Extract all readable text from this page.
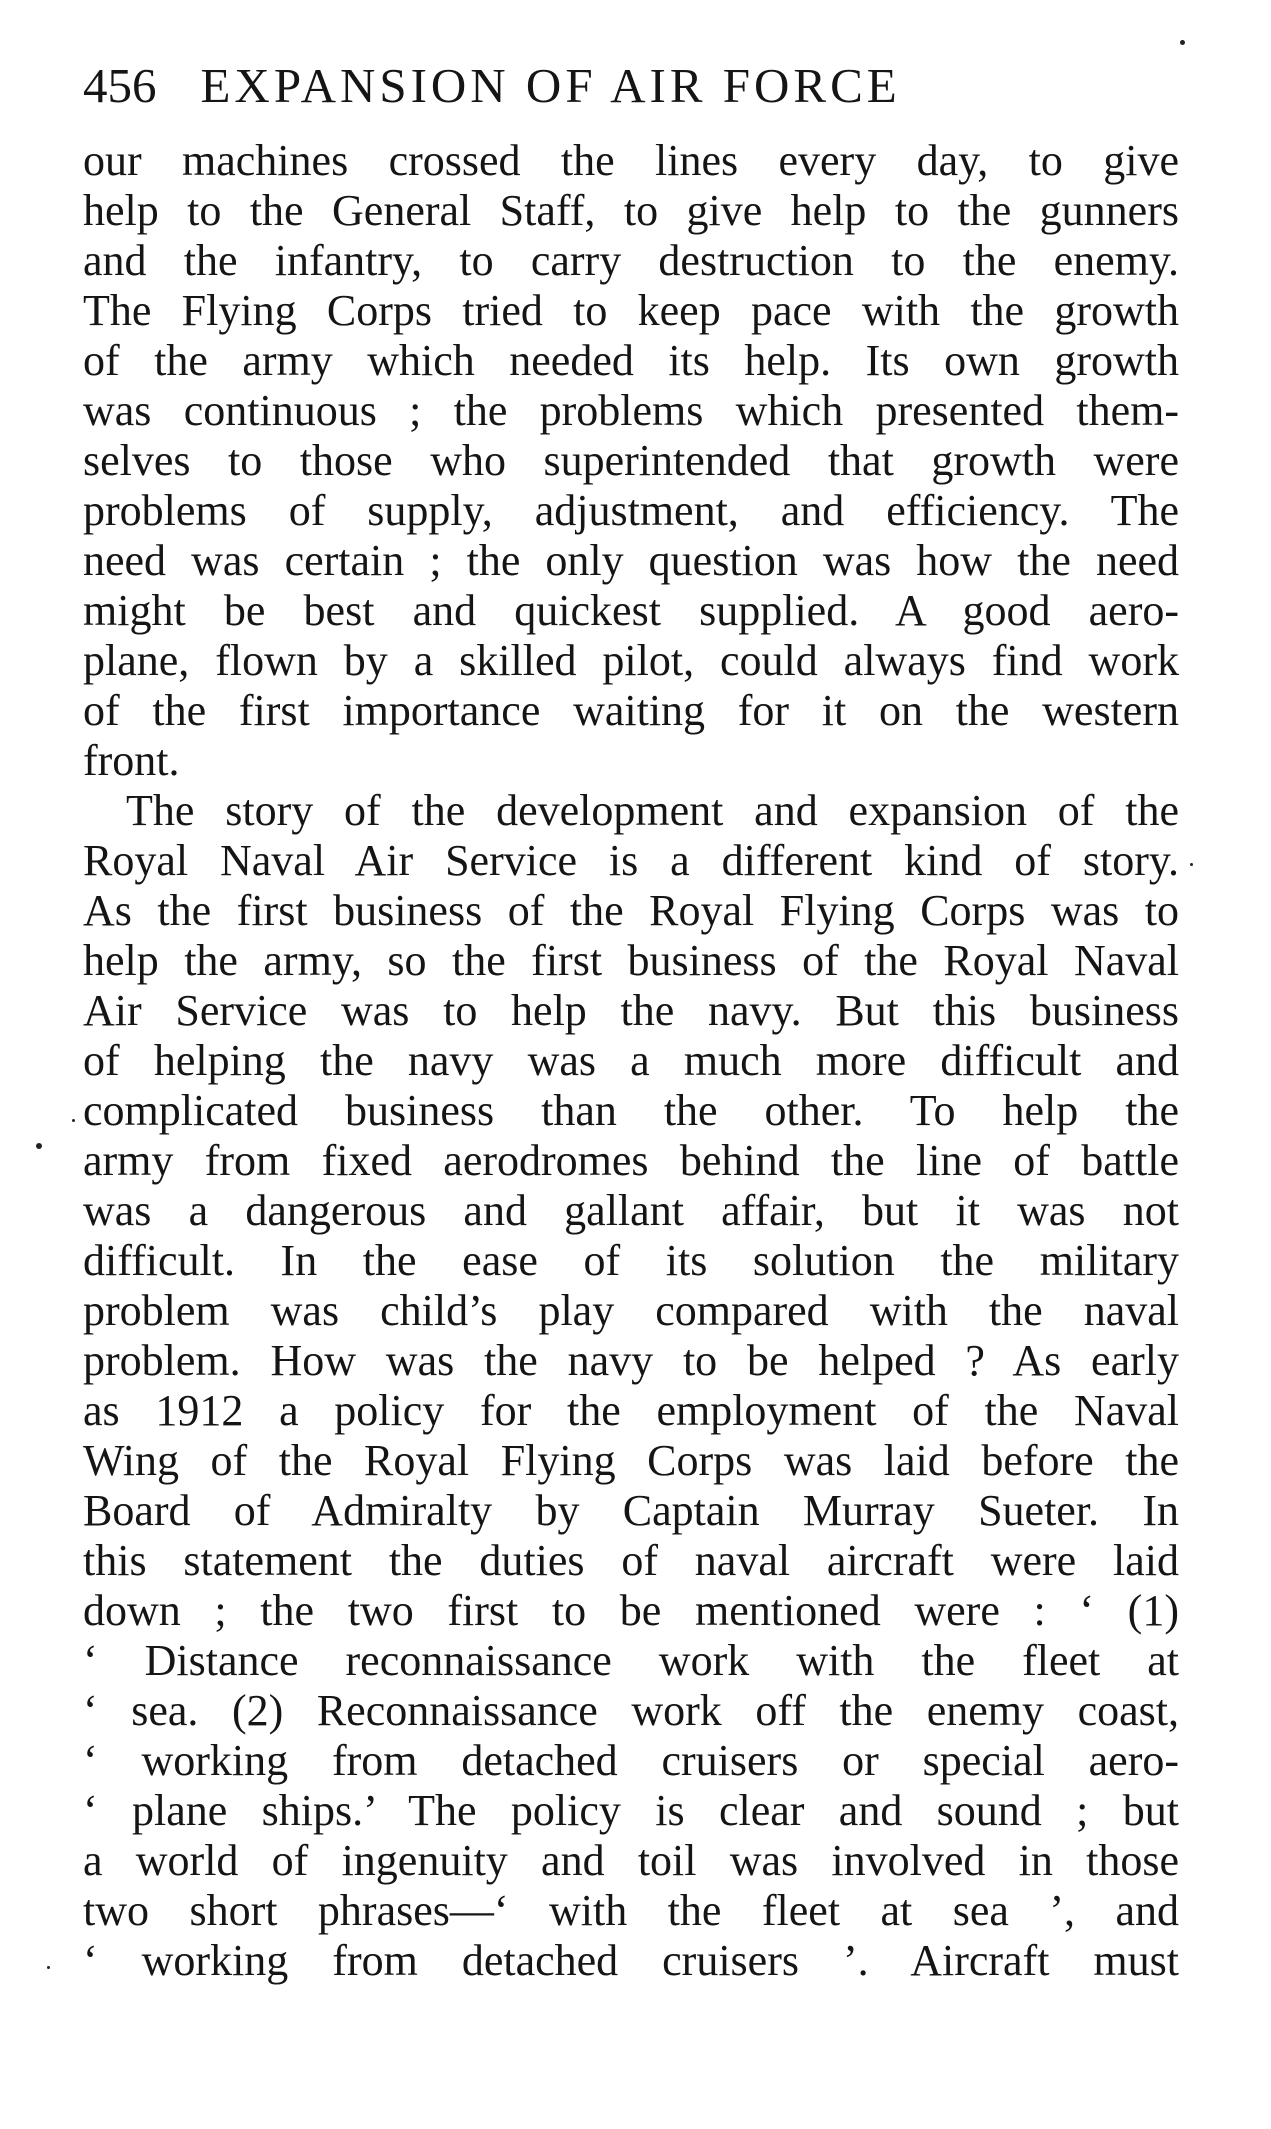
456 EXPANSION OF AIR FORCE
our machines crossed the lines every day, to give
help to the General Staff, to give help to the gunners
and the infantry, to carry destruction to the enemy.
The Flying Corps tried to keep pace with the growth
of the army which needed its help. Its own growth
was continuous ; the problems which presented them-
selves to those who superintended that growth were
problems of supply, adjustment, and efficiency. The
need was certain ; the only question was how the need
might be best and quickest supplied. A good aero-
plane, flown by a skilled pilot, could always find work
of the first importance waiting for it on the western
front.
The story of the development and expansion of the
Royal Naval Air Service is a different kind of story.
As the first business of the Royal Flying Corps was to
help the army, so the first business of the Royal Naval
Air Service was to help the navy. But this business
of helping the navy was a much more difficult and
complicated business than the other. To help the
army from fixed aerodromes behind the line of battle
was a dangerous and gallant affair, but it was not
difficult. In the ease of its solution the military
problem was child’s play compared with the naval
problem. How was the navy to be helped ? As early
as 1912 a policy for the employment of the Naval
Wing of the Royal Flying Corps was laid before the
Board of Admiralty by Captain Murray Sueter. In
this statement the duties of naval aircraft were laid
down ; the two first to be mentioned were : ‘ (1)
‘ Distance reconnaissance work with the fleet at
‘ sea. (2) Reconnaissance work off the enemy coast,
‘ working from detached cruisers or special aero-
‘ plane ships.’ The policy is clear and sound ; but
a world of ingenuity and toil was involved in those
two short phrases—‘ with the fleet at sea ’, and
‘ working from detached cruisers ’. Aircraft must
